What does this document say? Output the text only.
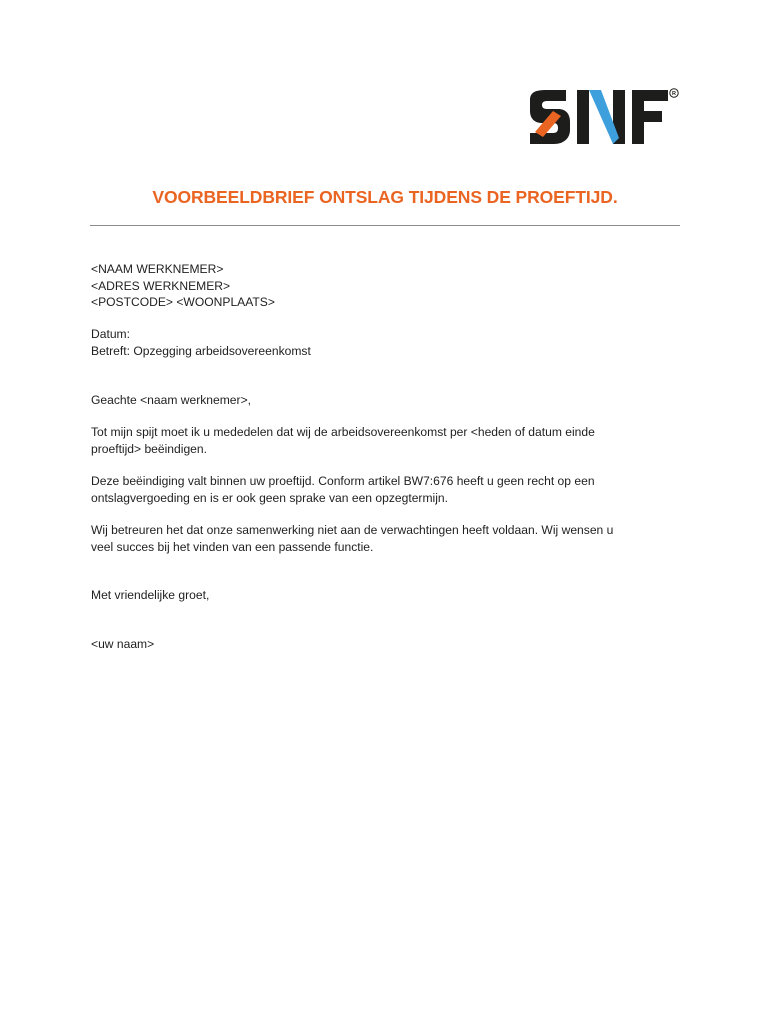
R
VOORBEELDBRIEF ONTSLAG TIJDENS DE PROEFTIJD.
<NAAM WERKNEMER>
<ADRES WERKNEMER>
<POSTCODE> <WOONPLAATS>
Datum:
Betreft: Opzegging arbeidsovereenkomst
Geachte <naam werknemer>,
Tot mijn spijt moet ik u mededelen dat wij de arbeidsovereenkomst per <heden of datum einde
proeftijd> beëindigen.
Deze beëindiging valt binnen uw proeftijd. Conform artikel BW7:676 heeft u geen recht op een
ontslagvergoeding en is er ook geen sprake van een opzegtermijn.
Wij betreuren het dat onze samenwerking niet aan de verwachtingen heeft voldaan. Wij wensen u
veel succes bij het vinden van een passende functie.
Met vriendelijke groet,
<uw naam>
